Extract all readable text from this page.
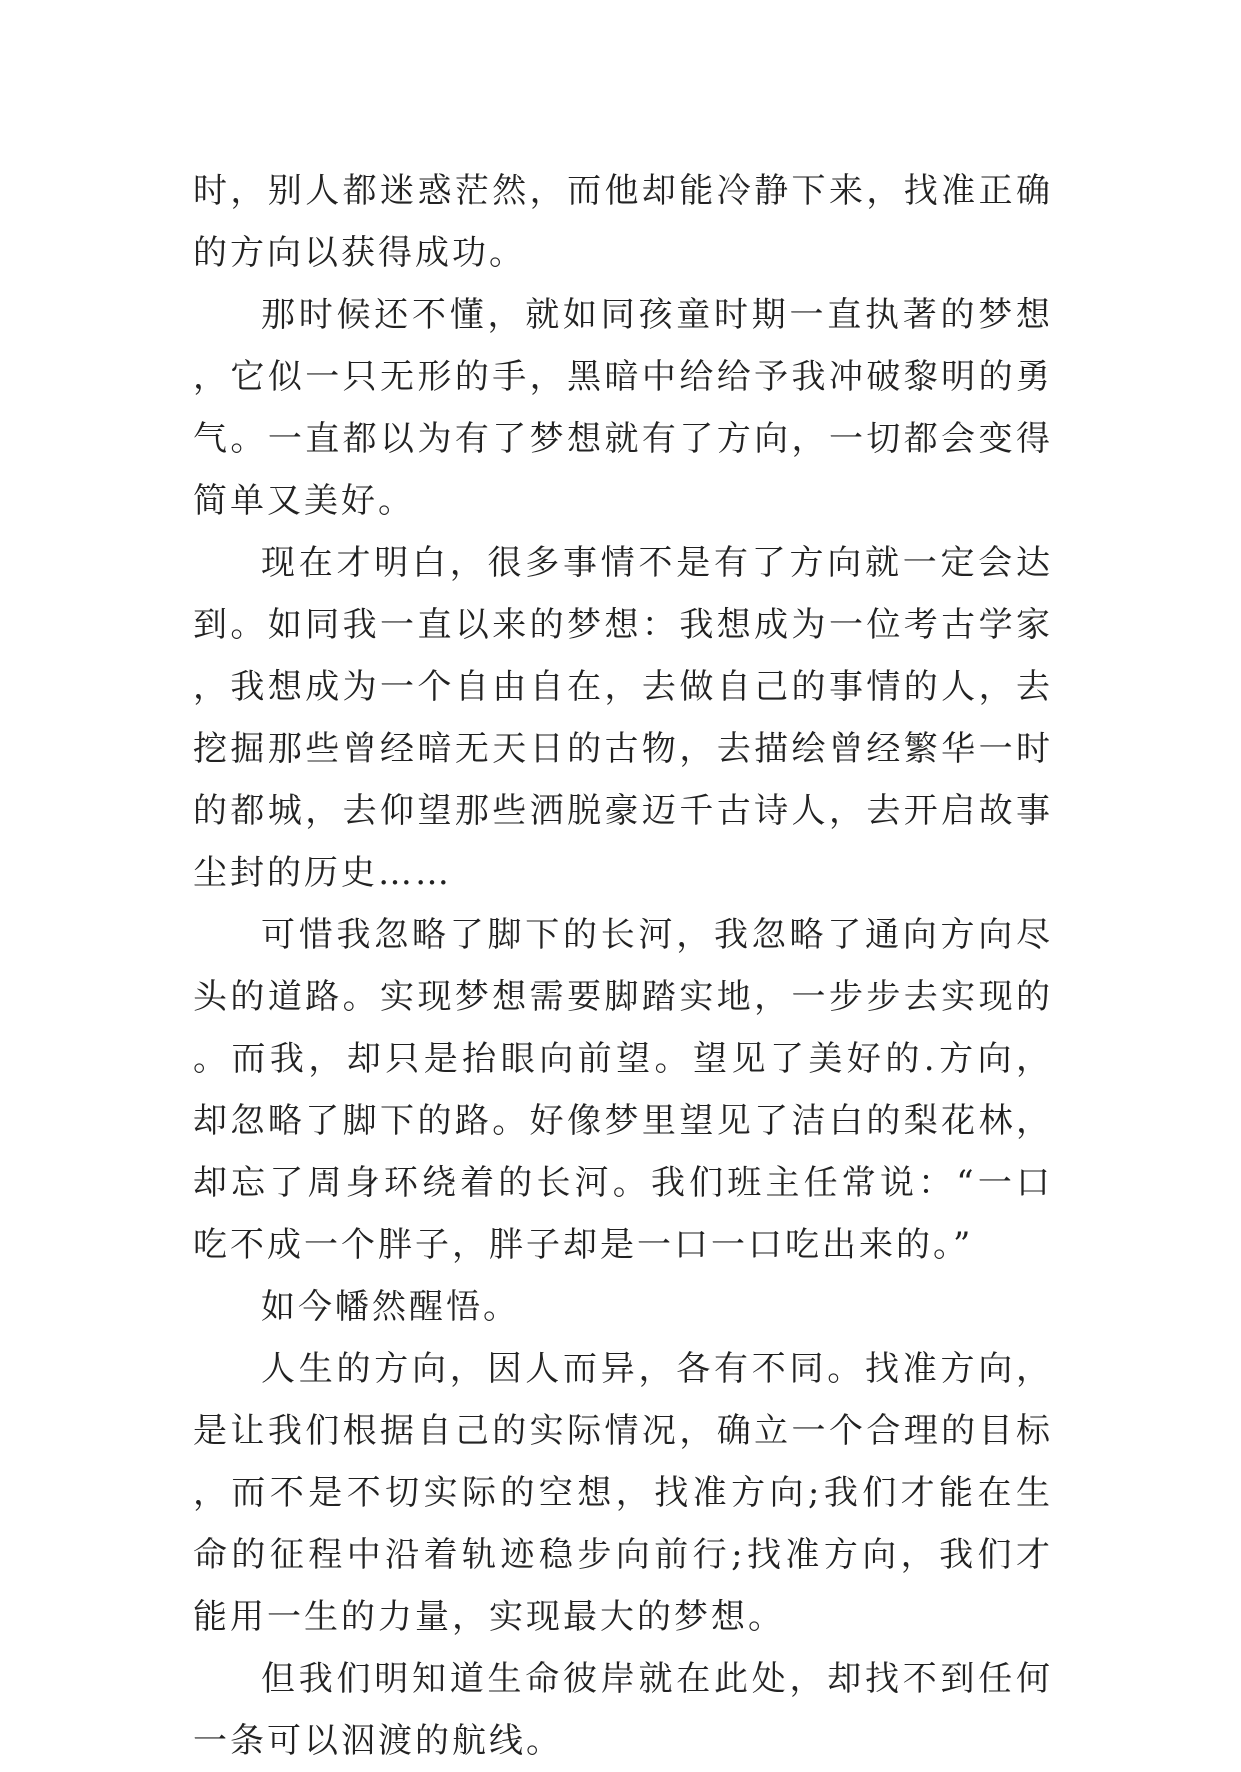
时，别人都迷惑茫然，而他却能冷静下来，找准正确的方向以获得成功。

那时候还不懂，就如同孩童时期一直执著的梦想，它似一只无形的手，黑暗中给给予我冲破黎明的勇气。一直都以为有了梦想就有了方向，一切都会变得简单又美好。

现在才明白，很多事情不是有了方向就一定会达到。如同我一直以来的梦想：我想成为一位考古学家，我想成为一个自由自在，去做自己的事情的人，去挖掘那些曾经暗无天日的古物，去描绘曾经繁华一时的都城，去仰望那些洒脱豪迈千古诗人，去开启故事尘封的历史……

可惜我忽略了脚下的长河，我忽略了通向方向尽头的道路。实现梦想需要脚踏实地，一步步去实现的。而我，却只是抬眼向前望。望见了美好的.方向，却忽略了脚下的路。好像梦里望见了洁白的梨花林，却忘了周身环绕着的长河。我们班主任常说：“一口吃不成一个胖子，胖子却是一口一口吃出来的。”

如今幡然醒悟。

人生的方向，因人而异，各有不同。找准方向，是让我们根据自己的实际情况，确立一个合理的目标，而不是不切实际的空想，找准方向;我们才能在生命的征程中沿着轨迹稳步向前行;找准方向，我们才能用一生的力量，实现最大的梦想。

但我们明知道生命彼岸就在此处，却找不到任何一条可以泅渡的航线。
